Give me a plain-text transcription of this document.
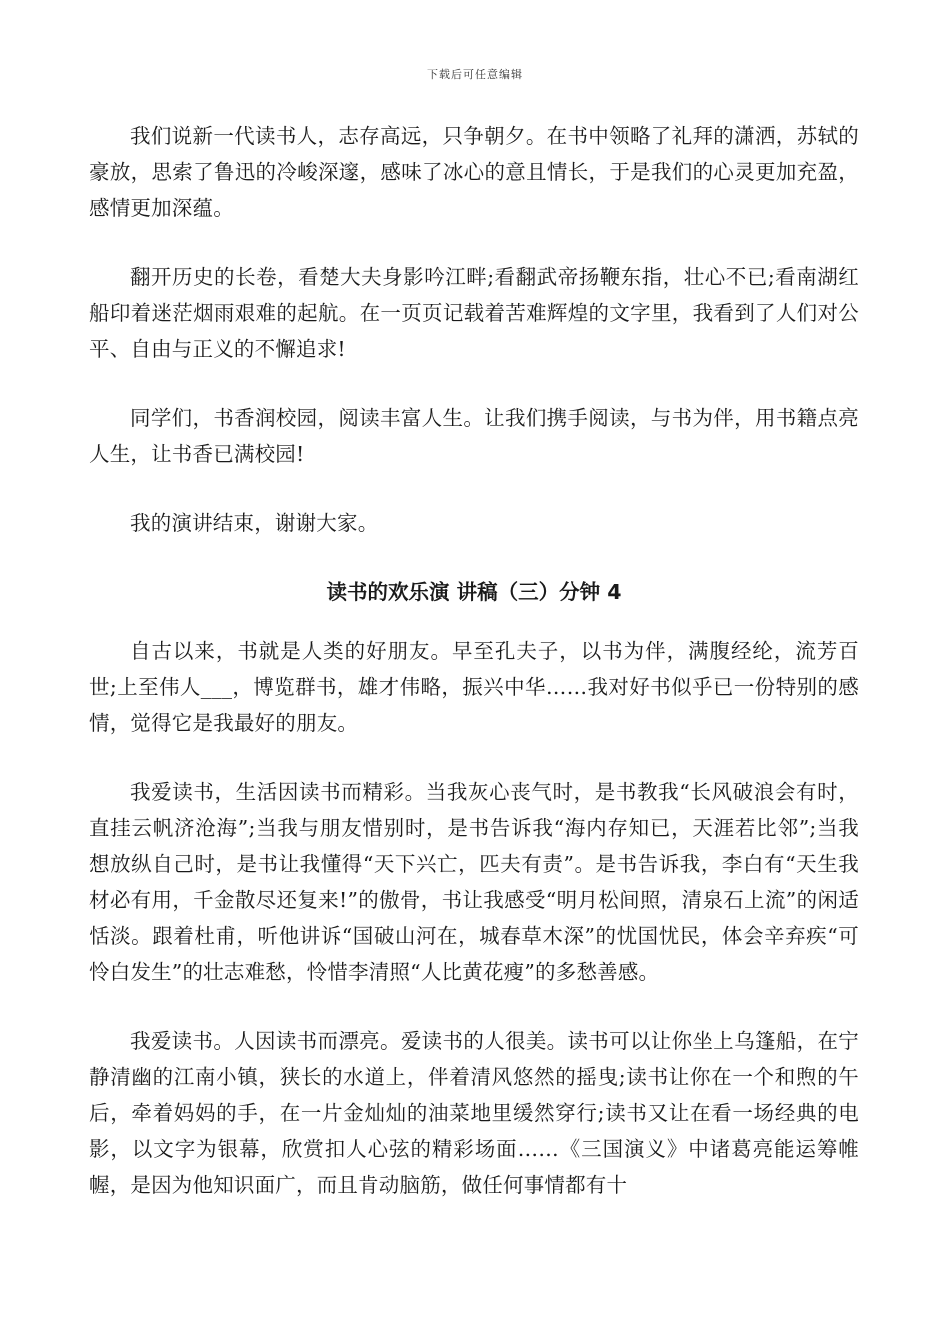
下载后可任意编辑

我们说新一代读书人，志存高远，只争朝夕。在书中领略了礼拜的潇洒，苏轼的豪放，思索了鲁迅的冷峻深邃，感味了冰心的意且情长，于是我们的心灵更加充盈，感情更加深蕴。

翻开历史的长卷，看楚大夫身影吟江畔;看翻武帝扬鞭东指，壮心不已;看南湖红船印着迷茫烟雨艰难的起航。在一页页记载着苦难辉煌的文字里，我看到了人们对公平、自由与正义的不懈追求!

同学们，书香润校园，阅读丰富人生。让我们携手阅读，与书为伴，用书籍点亮人生，让书香已满校园!

我的演讲结束，谢谢大家。

读书的欢乐演 讲稿（三）分钟 4

自古以来，书就是人类的好朋友。早至孔夫子，以书为伴，满腹经纶，流芳百世;上至伟人___，博览群书，雄才伟略，振兴中华……我对好书似乎已一份特别的感情，觉得它是我最好的朋友。

我爱读书，生活因读书而精彩。当我灰心丧气时，是书教我“长风破浪会有时，直挂云帆济沧海”;当我与朋友惜别时，是书告诉我“海内存知已，天涯若比邻”;当我想放纵自己时，是书让我懂得“天下兴亡，匹夫有责”。是书告诉我，李白有“天生我材必有用，千金散尽还复来!”的傲骨，书让我感受“明月松间照，清泉石上流”的闲适恬淡。跟着杜甫，听他讲诉“国破山河在，城春草木深”的忧国忧民，体会辛弃疾“可怜白发生”的壮志难愁，怜惜李清照“人比黄花瘦”的多愁善感。

我爱读书。人因读书而漂亮。爱读书的人很美。读书可以让你坐上乌篷船，在宁静清幽的江南小镇，狭长的水道上，伴着清风悠然的摇曳;读书让你在一个和煦的午后，牵着妈妈的手，在一片金灿灿的油菜地里缓然穿行;读书又让在看一场经典的电影，以文字为银幕，欣赏扣人心弦的精彩场面……《三国演义》中诸葛亮能运筹帷幄，是因为他知识面广，而且肯动脑筋，做任何事情都有十
